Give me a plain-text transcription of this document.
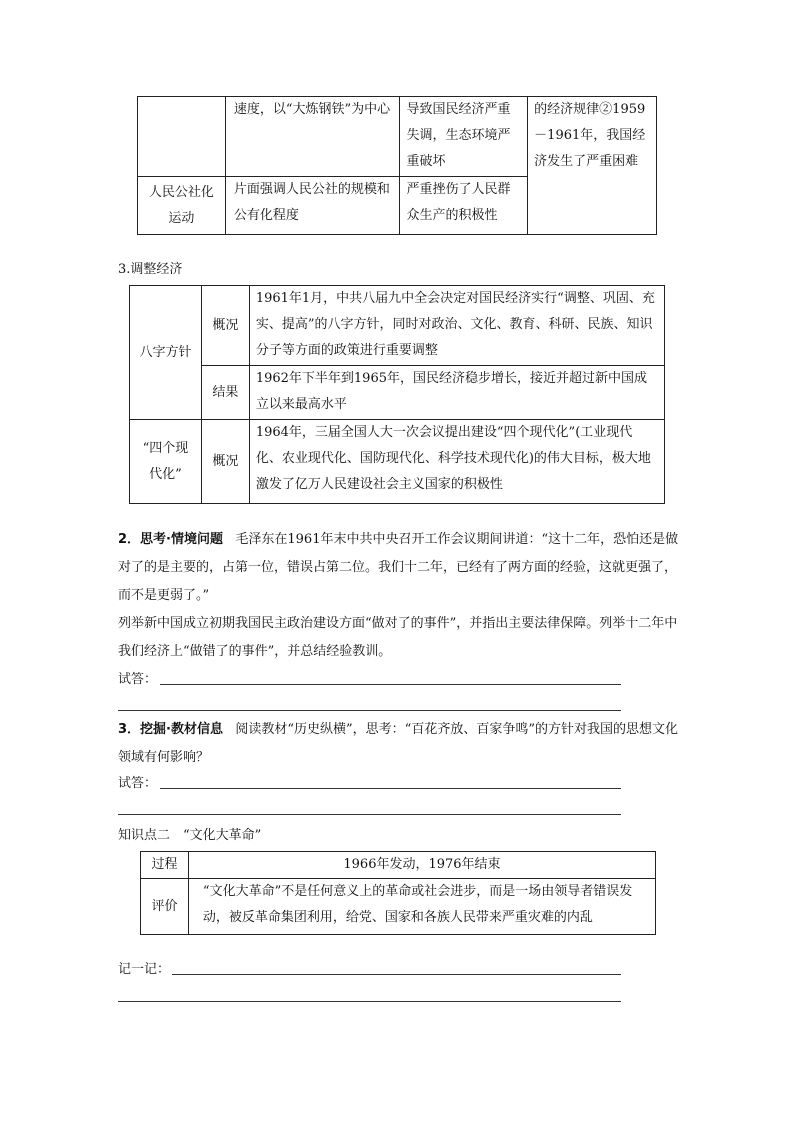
	速度，以“大炼钢铁”为中心	导致国民经济严重失调，生态环境严重破坏	的经济规律②1959－1961年，我国经济发生了严重困难
人民公社化运动	片面强调人民公社的规模和公有化程度	严重挫伤了人民群众生产的积极性	
3.调整经济
八字方针	概况	1961年1月，中共八届九中全会决定对国民经济实行“调整、巩固、充实、提高”的八字方针，同时对政治、文化、教育、科研、民族、知识分子等方面的政策进行重要调整
	结果	1962年下半年到1965年，国民经济稳步增长，接近并超过新中国成立以来最高水平
“四个现代化”	概况	1964年，三届全国人大一次会议提出建设“四个现代化”(工业现代化、农业现代化、国防现代化、科学技术现代化)的伟大目标，极大地激发了亿万人民建设社会主义国家的积极性
2．思考·情境问题 毛泽东在1961年末中共中央召开工作会议期间讲道：“这十二年，恐怕还是做对了的是主要的，占第一位，错误占第二位。我们十二年，已经有了两方面的经验，这就更强了，而不是更弱了。”
列举新中国成立初期我国民主政治建设方面“做对了的事件”，并指出主要法律保障。列举十二年中我们经济上“做错了的事件”，并总结经验教训。
试答：
3．挖掘·教材信息 阅读教材“历史纵横”，思考：“百花齐放、百家争鸣”的方针对我国的思想文化领域有何影响？
试答：
知识点二　“文化大革命”
过程	1966年发动，1976年结束
评价	“文化大革命”不是任何意义上的革命或社会进步，而是一场由领导者错误发动，被反革命集团利用，给党、国家和各族人民带来严重灾难的内乱
记一记：
